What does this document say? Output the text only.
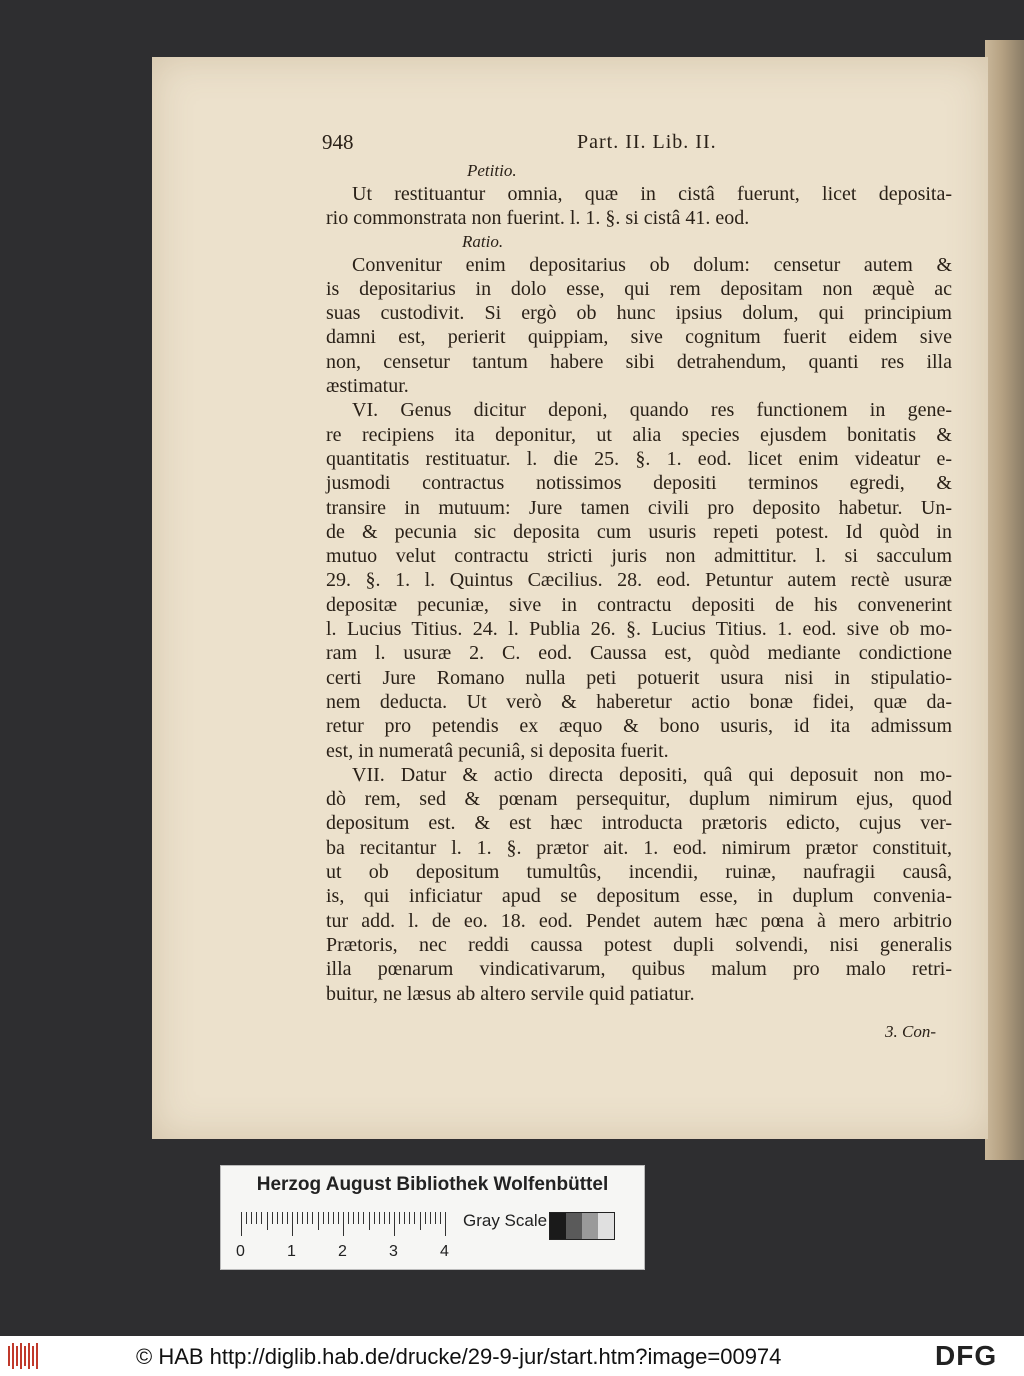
948	Part. II. Lib. II.
Petitio.
Ut restituantur omnia, quæ in cistâ fuerunt, licet deposita-
rio commonstrata non fuerint. l. 1. §. si cistâ 41. eod.
Ratio.
Convenitur enim depositarius ob dolum: censetur autem &
is depositarius in dolo esse, qui rem depositam non æquè ac
suas custodivit. Si ergò ob hunc ipsius dolum, qui principium
damni est, perierit quippiam, sive cognitum fuerit eidem sive
non, censetur tantum habere sibi detrahendum, quanti res illa
æstimatur.
VI. Genus dicitur deponi, quando res functionem in gene-
re recipiens ita deponitur, ut alia species ejusdem bonitatis &
quantitatis restituatur. l. die 25. §. 1. eod. licet enim videatur e-
jusmodi contractus notissimos depositi terminos egredi, &
transire in mutuum: Jure tamen civili pro deposito habetur. Un-
de & pecunia sic deposita cum usuris repeti potest. Id quòd in
mutuo velut contractu stricti juris non admittitur. l. si sacculum
29. §. 1. l. Quintus Cæcilius. 28. eod. Petuntur autem rectè usuræ
depositæ pecuniæ, sive in contractu depositi de his convenerint
l. Lucius Titius. 24. l. Publia 26. §. Lucius Titius. 1. eod. sive ob mo-
ram l. usuræ 2. C. eod. Caussa est, quòd mediante condictione
certi Jure Romano nulla peti potuerit usura nisi in stipulatio-
nem deducta. Ut verò & haberetur actio bonæ fidei, quæ da-
retur pro petendis ex æquo & bono usuris, id ita admissum
est, in numeratâ pecuniâ, si deposita fuerit.
VII. Datur & actio directa depositi, quâ qui deposuit non mo-
dò rem, sed & pœnam persequitur, duplum nimirum ejus, quod
depositum est. & est hæc introducta prætoris edicto, cujus ver-
ba recitantur l. 1. §. prætor ait. 1. eod. nimirum prætor constituit,
ut ob depositum tumultûs, incendii, ruinæ, naufragii causâ,
is, qui inficiatur apud se depositum esse, in duplum convenia-
tur add. l. de eo. 18. eod. Pendet autem hæc pœna à mero arbitrio
Prætoris, nec reddi caussa potest dupli solvendi, nisi generalis
illa pœnarum vindicativarum, quibus malum pro malo retri-
buitur, ne læsus ab altero servile quid patiatur.
3. Con-
Herzog August Bibliothek Wolfenbüttel
0	1	2	3	4
Gray Scale
© HAB http://diglib.hab.de/drucke/29-9-jur/start.htm?image=00974	DFG
